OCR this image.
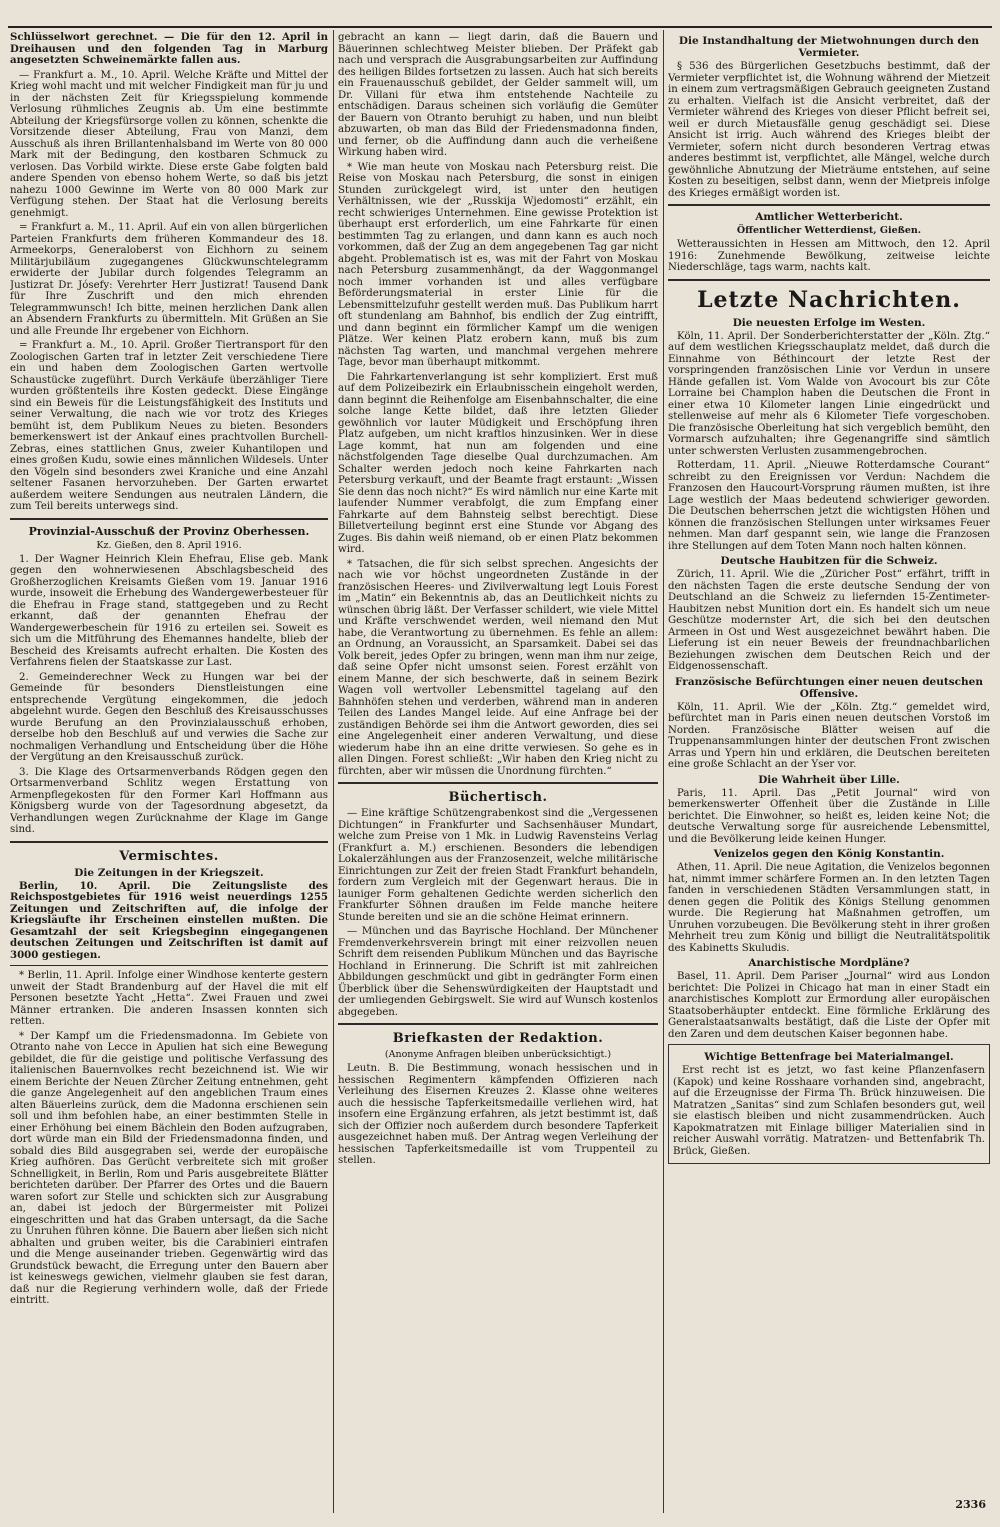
Schlüsselwort gerechnet. — Die für den 12. April in Dreihausen und den folgenden Tag in Marburg angesetzten Schweinemärkte fallen aus.

— Frankfurt a. M., 10. April. Welche Kräfte und Mittel der Krieg wohl macht und mit welcher Findigkeit man für ju und in der nächsten Zeit für Kriegsspielung kommende Verlosung rühmliches Zeugnis ab. Um eine bestimmte Abteilung der Kriegsfürsorge vollen zu können, schenkte die Vorsitzende dieser Abteilung, Frau von Manzi, dem Ausschuß als ihren Brillantenhalsband im Werte von 80 000 Mark mit der Bedingung, den kostbaren Schmuck zu verlosen. Das Vorbild wirkte. Diese erste Gabe folgten bald andere Spenden von ebenso hohem Werte, so daß bis jetzt nahezu 1000 Gewinne im Werte von 80 000 Mark zur Verfügung stehen. Der Staat hat die Verlosung bereits genehmigt.

= Frankfurt a. M., 11. April. Auf ein von allen bürgerlichen Parteien Frankfurts dem früheren Kommandeur des 18. Armeekorps, Generaloberst von Eichhorn zu seinem Militärjubiläum zugegangenes Glückwunschtelegramm erwiderte der Jubilar durch folgendes Telegramm an Justizrat Dr. Jósefy: Verehrter Herr Justizrat! Tausend Dank für Ihre Zuschrift und den mich ehrenden Telegrammwunsch! Ich bitte, meinen herzlichen Dank allen an Absendern Frankfurts zu übermitteln. Mit Grüßen an Sie und alle Freunde Ihr ergebener von Eichhorn.

= Frankfurt a. M., 10. April. Großer Tiertransport für den Zoologischen Garten traf in letzter Zeit verschiedene Tiere ein und haben dem Zoologischen Garten wertvolle Schaustücke zugeführt. Durch Verkäufe überzähliger Tiere wurden größtenteils ihre Kosten gedeckt. Diese Eingänge sind ein Beweis für die Leistungsfähigkeit des Instituts und seiner Verwaltung, die nach wie vor trotz des Krieges bemüht ist, dem Publikum Neues zu bieten. Besonders bemerkenswert ist der Ankauf eines prachtvollen Burchell-Zebras, eines stattlichen Gnus, zweier Kuhantilopen und eines großen Kudu, sowie eines männlichen Wildesels. Unter den Vögeln sind besonders zwei Kraniche und eine Anzahl seltener Fasanen hervorzuheben. Der Garten erwartet außerdem weitere Sendungen aus neutralen Ländern, die zum Teil bereits unterwegs sind.

Provinzial-Ausschuß der Provinz Oberhessen.
Kz. Gießen, den 8. April 1916.

1. Der Wagner Heinrich Klein Ehefrau, Elise geb. Mank gegen den wohnerwiesenen Abschlagsbescheid des Großherzoglichen Kreisamts Gießen vom 19. Januar 1916 wurde, insoweit die Erhebung des Wandergewerbesteuer für die Ehefrau in Frage stand, stattgegeben und zu Recht erkannt, daß der genannten Ehefrau der Wandergewerbeschein für 1916 zu erteilen sei. Soweit es sich um die Mitführung des Ehemannes handelte, blieb der Bescheid des Kreisamts aufrecht erhalten. Die Kosten des Verfahrens fielen der Staatskasse zur Last.

2. Gemeinderechner Weck zu Hungen war bei der Gemeinde für besonders Dienstleistungen eine entsprechende Vergütung eingekommen, die jedoch abgelehnt wurde. Gegen den Beschluß des Kreisausschusses wurde Berufung an den Provinzialausschuß erhoben, derselbe hob den Beschluß auf und verwies die Sache zur nochmaligen Verhandlung und Entscheidung über die Höhe der Vergütung an den Kreisausschuß zurück.

3. Die Klage des Ortsarmenverbands Rödgen gegen den Ortsarmenverband Schlitz wegen Erstattung von Armenpflegekosten für den Former Karl Hoffmann aus Königsberg wurde von der Tagesordnung abgesetzt, da Verhandlungen wegen Zurücknahme der Klage im Gange sind.

Vermischtes.
Die Zeitungen in der Kriegszeit.

Berlin, 10. April. Die Zeitungsliste des Reichspostgebietes für 1916 weist neuerdings 1255 Zeitungen und Zeitschriften auf, die infolge der Kriegsläufte ihr Erscheinen einstellen mußten. Die Gesamtzahl der seit Kriegsbeginn eingegangenen deutschen Zeitungen und Zeitschriften ist damit auf 3000 gestiegen.

* Berlin, 11. April. Infolge einer Windhose kenterte gestern unweit der Stadt Brandenburg auf der Havel die mit elf Personen besetzte Yacht „Hetta“. Zwei Frauen und zwei Männer ertranken. Die anderen Insassen konnten sich retten.

* Der Kampf um die Friedensmadonna. Im Gebiete von Otranto nahe von Lecce in Apulien hat sich eine Bewegung gebildet, die für die geistige und politische Verfassung des italienischen Bauernvolkes recht bezeichnend ist. Wie wir einem Berichte der Neuen Zürcher Zeitung entnehmen, geht die ganze Angelegenheit auf den angeblichen Traum eines alten Bäuerleins zurück, dem die Madonna erschienen sein soll und ihm befohlen habe, an einer bestimmten Stelle in einer Erhöhung bei einem Bächlein den Boden aufzugraben, dort würde man ein Bild der Friedensmadonna finden, und sobald dies Bild ausgegraben sei, werde der europäische Krieg aufhören. Das Gerücht verbreitete sich mit großer Schnelligkeit, in Berlin, Rom und Paris ausgebreitete Blätter berichteten darüber. Der Pfarrer des Ortes und die Bauern waren sofort zur Stelle und schickten sich zur Ausgrabung an, dabei ist jedoch der Bürgermeister mit Polizei eingeschritten und hat das Graben untersagt, da die Sache zu Unruhen führen könne. Die Bauern aber ließen sich nicht abhalten und gruben weiter, bis die Carabinieri eintrafen und die Menge auseinander trieben. Gegenwärtig wird das Grundstück bewacht, die Erregung unter den Bauern aber ist keineswegs gewichen, vielmehr glauben sie fest daran, daß nur die Regierung verhindern wolle, daß der Friede eintritt.

gebracht an kann — liegt darin, daß die Bauern und Bäuerinnen schlechtweg Meister blieben. Der Präfekt gab nach und versprach die Ausgrabungsarbeiten zur Auffindung des heiligen Bildes fortsetzen zu lassen. Auch hat sich bereits ein Frauenausschuß gebildet, der Gelder sammelt will, um Dr. Villani für etwa ihm entstehende Nachteile zu entschädigen. Daraus scheinen sich vorläufig die Gemüter der Bauern von Otranto beruhigt zu haben, und nun bleibt abzuwarten, ob man das Bild der Friedensmadonna finden, und ferner, ob die Auffindung dann auch die verheißene Wirkung haben wird.

* Wie man heute von Moskau nach Petersburg reist. Die Reise von Moskau nach Petersburg, die sonst in einigen Stunden zurückgelegt wird, ist unter den heutigen Verhältnissen, wie der „Russkija Wjedomosti“ erzählt, ein recht schwieriges Unternehmen. Eine gewisse Protektion ist überhaupt erst erforderlich, um eine Fahrkarte für einen bestimmten Tag zu erlangen, und dann kann es auch noch vorkommen, daß der Zug an dem angegebenen Tag gar nicht abgeht. Problematisch ist es, was mit der Fahrt von Moskau nach Petersburg zusammenhängt, da der Waggonmangel noch immer vorhanden ist und alles verfügbare Beförderungsmaterial in erster Linie für die Lebensmittelzufuhr gestellt werden muß. Das Publikum harrt oft stundenlang am Bahnhof, bis endlich der Zug eintrifft, und dann beginnt ein förmlicher Kampf um die wenigen Plätze. Wer keinen Platz erobern kann, muß bis zum nächsten Tag warten, und manchmal vergehen mehrere Tage, bevor man überhaupt mitkommt.

Die Fahrkartenverlangung ist sehr kompliziert. Erst muß auf dem Polizeibezirk ein Erlaubnisschein eingeholt werden, dann beginnt die Reihenfolge am Eisenbahnschalter, die eine solche lange Kette bildet, daß ihre letzten Glieder gewöhnlich vor lauter Müdigkeit und Erschöpfung ihren Platz aufgeben, um nicht kraftlos hinzusinken. Wer in diese Lage kommt, hat nun am folgenden und eine nächstfolgenden Tage dieselbe Qual durchzumachen. Am Schalter werden jedoch noch keine Fahrkarten nach Petersburg verkauft, und der Beamte fragt erstaunt: „Wissen Sie denn das noch nicht?“ Es wird nämlich nur eine Karte mit laufender Nummer verabfolgt, die zum Empfang einer Fahrkarte auf dem Bahnsteig selbst berechtigt. Diese Billetverteilung beginnt erst eine Stunde vor Abgang des Zuges. Bis dahin weiß niemand, ob er einen Platz bekommen wird.

* Tatsachen, die für sich selbst sprechen. Angesichts der nach wie vor höchst ungeordneten Zustände in der französischen Heeres- und Zivilverwaltung legt Louis Forest im „Matin“ ein Bekenntnis ab, das an Deutlichkeit nichts zu wünschen übrig läßt. Der Verfasser schildert, wie viele Mittel und Kräfte verschwendet werden, weil niemand den Mut habe, die Verantwortung zu übernehmen. Es fehle an allem: an Ordnung, an Voraussicht, an Sparsamkeit. Dabei sei das Volk bereit, jedes Opfer zu bringen, wenn man ihm nur zeige, daß seine Opfer nicht umsonst seien. Forest erzählt von einem Manne, der sich beschwerte, daß in seinem Bezirk Wagen voll wertvoller Lebensmittel tagelang auf den Bahnhöfen stehen und verderben, während man in anderen Teilen des Landes Mangel leide. Auf eine Anfrage bei der zuständigen Behörde sei ihm die Antwort geworden, dies sei eine Angelegenheit einer anderen Verwaltung, und diese wiederum habe ihn an eine dritte verwiesen. So gehe es in allen Dingen. Forest schließt: „Wir haben den Krieg nicht zu fürchten, aber wir müssen die Unordnung fürchten.“

Büchertisch.

— Eine kräftige Schützengrabenkost sind die „Vergessenen Dichtungen“ in Frankfurter und Sachsenhäuser Mundart, welche zum Preise von 1 Mk. in Ludwig Ravensteins Verlag (Frankfurt a. M.) erschienen. Besonders die lebendigen Lokalerzählungen aus der Franzosenzeit, welche militärische Einrichtungen zur Zeit der freien Stadt Frankfurt behandeln, fordern zum Vergleich mit der Gegenwart heraus. Die in launiger Form gehaltenen Gedichte werden sicherlich den Frankfurter Söhnen draußen im Felde manche heitere Stunde bereiten und sie an die schöne Heimat erinnern.

— München und das Bayrische Hochland. Der Münchener Fremdenverkehrsverein bringt mit einer reizvollen neuen Schrift dem reisenden Publikum München und das Bayrische Hochland in Erinnerung. Die Schrift ist mit zahlreichen Abbildungen geschmückt und gibt in gedrängter Form einen Überblick über die Sehenswürdigkeiten der Hauptstadt und der umliegenden Gebirgswelt. Sie wird auf Wunsch kostenlos abgegeben.

Briefkasten der Redaktion.
(Anonyme Anfragen bleiben unberücksichtigt.)

Leutn. B. Die Bestimmung, wonach hessischen und in hessischen Regimentern kämpfenden Offizieren nach Verleihung des Eisernen Kreuzes 2. Klasse ohne weiteres auch die hessische Tapferkeitsmedaille verliehen wird, hat insofern eine Ergänzung erfahren, als jetzt bestimmt ist, daß sich der Offizier noch außerdem durch besondere Tapferkeit ausgezeichnet haben muß. Der Antrag wegen Verleihung der hessischen Tapferkeitsmedaille ist vom Truppenteil zu stellen.

Die Instandhaltung der Mietwohnungen durch den Vermieter.

§ 536 des Bürgerlichen Gesetzbuchs bestimmt, daß der Vermieter verpflichtet ist, die Wohnung während der Mietzeit in einem zum vertragsmäßigen Gebrauch geeigneten Zustand zu erhalten. Vielfach ist die Ansicht verbreitet, daß der Vermieter während des Krieges von dieser Pflicht befreit sei, weil er durch Mietausfälle genug geschädigt sei. Diese Ansicht ist irrig. Auch während des Krieges bleibt der Vermieter, sofern nicht durch besonderen Vertrag etwas anderes bestimmt ist, verpflichtet, alle Mängel, welche durch gewöhnliche Abnutzung der Mieträume entstehen, auf seine Kosten zu beseitigen, selbst dann, wenn der Mietpreis infolge des Krieges ermäßigt worden ist.

Amtlicher Wetterbericht.
Öffentlicher Wetterdienst, Gießen.

Wetteraussichten in Hessen am Mittwoch, den 12. April 1916: Zunehmende Bewölkung, zeitweise leichte Niederschläge, tags warm, nachts kalt.

Letzte Nachrichten.
Die neuesten Erfolge im Westen.

Köln, 11. April. Der Sonderberichterstatter der „Köln. Ztg.“ auf dem westlichen Kriegsschauplatz meldet, daß durch die Einnahme von Béthincourt der letzte Rest der vorspringenden französischen Linie vor Verdun in unsere Hände gefallen ist. Vom Walde von Avocourt bis zur Côte Lorraine bei Champlon haben die Deutschen die Front in einer etwa 10 Kilometer langen Linie eingedrückt und stellenweise auf mehr als 6 Kilometer Tiefe vorgeschoben. Die französische Oberleitung hat sich vergeblich bemüht, den Vormarsch aufzuhalten; ihre Gegenangriffe sind sämtlich unter schwersten Verlusten zusammengebrochen.

Rotterdam, 11. April. „Nieuwe Rotterdamsche Courant“ schreibt zu den Ereignissen vor Verdun: Nachdem die Franzosen den Haucourt-Vorsprung räumen mußten, ist ihre Lage westlich der Maas bedeutend schwieriger geworden. Die Deutschen beherrschen jetzt die wichtigsten Höhen und können die französischen Stellungen unter wirksames Feuer nehmen. Man darf gespannt sein, wie lange die Franzosen ihre Stellungen auf dem Toten Mann noch halten können.

Deutsche Haubitzen für die Schweiz.

Zürich, 11. April. Wie die „Züricher Post“ erfährt, trifft in den nächsten Tagen die erste deutsche Sendung der von Deutschland an die Schweiz zu liefernden 15-Zentimeter-Haubitzen nebst Munition dort ein. Es handelt sich um neue Geschütze modernster Art, die sich bei den deutschen Armeen in Ost und West ausgezeichnet bewährt haben. Die Lieferung ist ein neuer Beweis der freundnachbarlichen Beziehungen zwischen dem Deutschen Reich und der Eidgenossenschaft.

Französische Befürchtungen einer neuen deutschen Offensive.

Köln, 11. April. Wie der „Köln. Ztg.“ gemeldet wird, befürchtet man in Paris einen neuen deutschen Vorstoß im Norden. Französische Blätter weisen auf die Truppenansammlungen hinter der deutschen Front zwischen Arras und Ypern hin und erklären, die Deutschen bereiteten eine große Schlacht an der Yser vor.

Die Wahrheit über Lille.

Paris, 11. April. Das „Petit Journal“ wird von bemerkenswerter Offenheit über die Zustände in Lille berichtet. Die Einwohner, so heißt es, leiden keine Not; die deutsche Verwaltung sorge für ausreichende Lebensmittel, und die Bevölkerung leide keinen Hunger.

Venizelos gegen den König Konstantin.

Athen, 11. April. Die neue Agitation, die Venizelos begonnen hat, nimmt immer schärfere Formen an. In den letzten Tagen fanden in verschiedenen Städten Versammlungen statt, in denen gegen die Politik des Königs Stellung genommen wurde. Die Regierung hat Maßnahmen getroffen, um Unruhen vorzubeugen. Die Bevölkerung steht in ihrer großen Mehrheit treu zum König und billigt die Neutralitätspolitik des Kabinetts Skuludis.

Anarchistische Mordpläne?

Basel, 11. April. Dem Pariser „Journal“ wird aus London berichtet: Die Polizei in Chicago hat man in einer Stadt ein anarchistisches Komplott zur Ermordung aller europäischen Staatsoberhäupter entdeckt. Eine förmliche Erklärung des Generalstaatsanwalts bestätigt, daß die Liste der Opfer mit den Zaren und dem deutschen Kaiser begonnen habe.

Wichtige Bettenfrage bei Materialmangel.

Erst recht ist es jetzt, wo fast keine Pflanzenfasern (Kapok) und keine Rosshaare vorhanden sind, angebracht, auf die Erzeugnisse der Firma Th. Brück hinzuweisen. Die Matratzen „Sanitas“ sind zum Schlafen besonders gut, weil sie elastisch bleiben und nicht zusammendrücken. Auch Kapokmatratzen mit Einlage billiger Materialien sind in reicher Auswahl vorrätig. Matratzen- und Bettenfabrik Th. Brück, Gießen.

2336
